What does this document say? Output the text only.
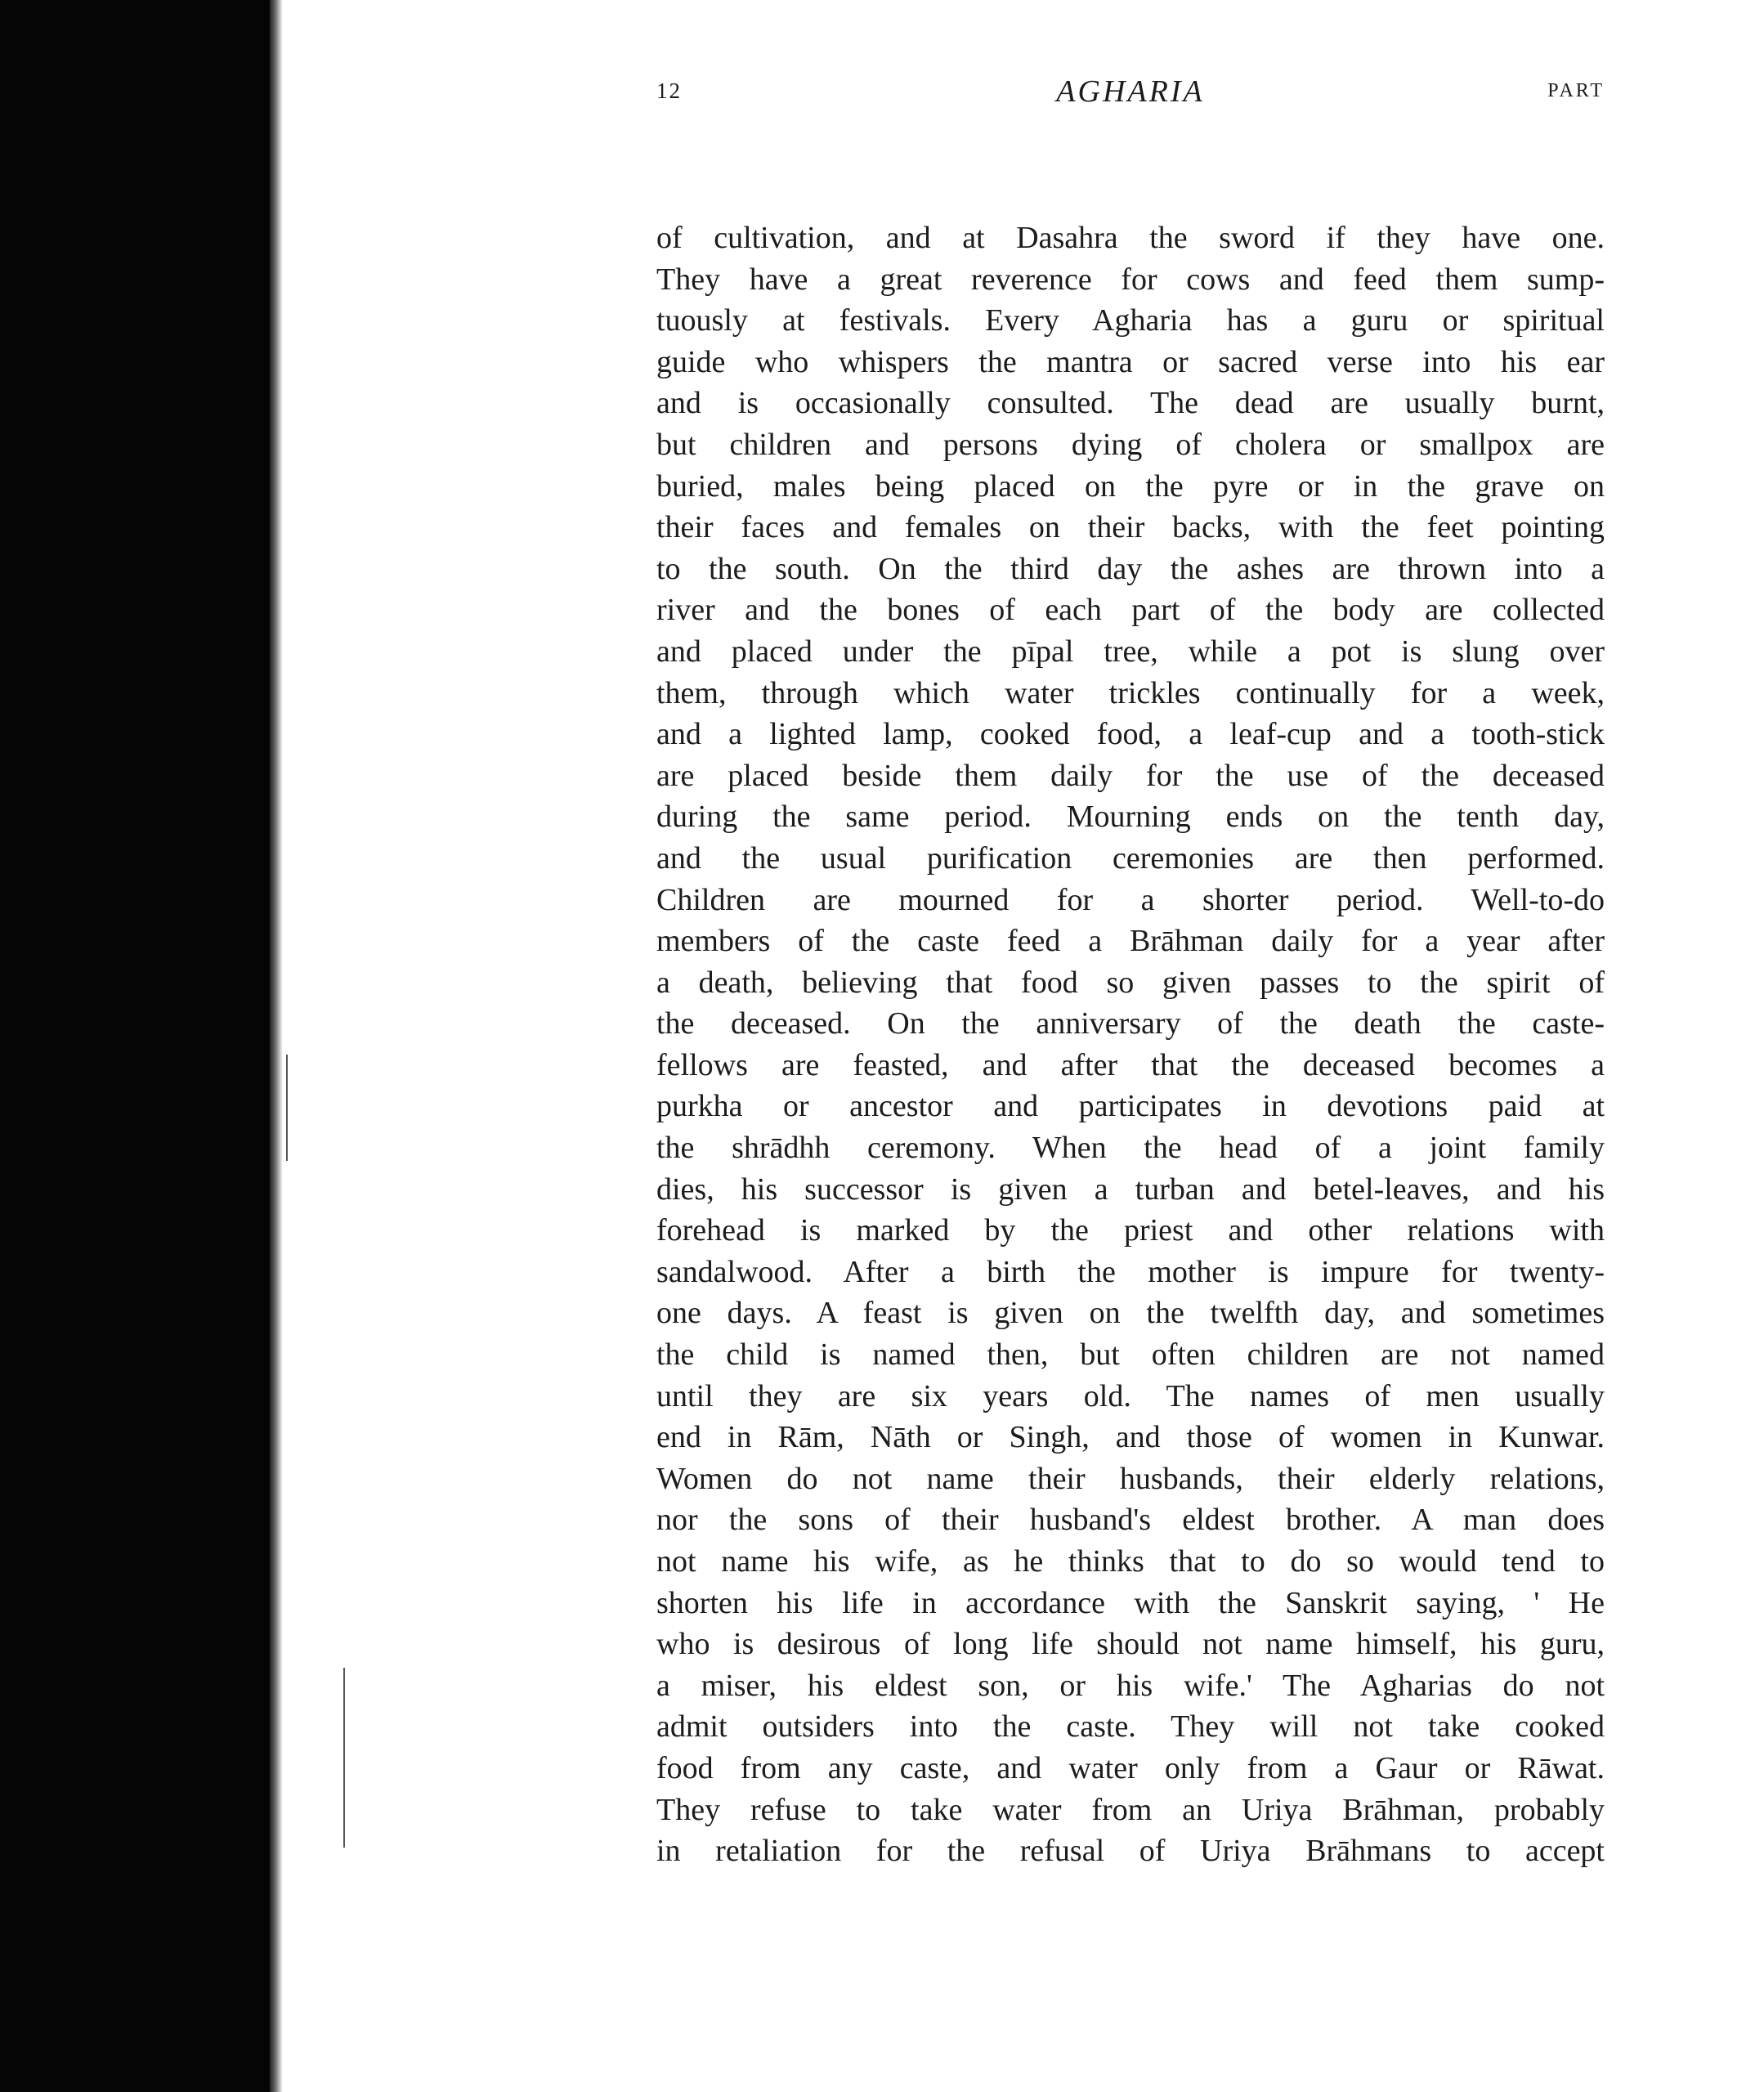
12	AGHARIA	PART
of cultivation, and at Dasahra the sword if they have one.
They have a great reverence for cows and feed them sump-
tuously at festivals. Every Agharia has a guru or spiritual
guide who whispers the mantra or sacred verse into his ear
and is occasionally consulted. The dead are usually burnt,
but children and persons dying of cholera or smallpox are
buried, males being placed on the pyre or in the grave on
their faces and females on their backs, with the feet pointing
to the south. On the third day the ashes are thrown into a
river and the bones of each part of the body are collected
and placed under the pīpal tree, while a pot is slung over
them, through which water trickles continually for a week,
and a lighted lamp, cooked food, a leaf-cup and a tooth-stick
are placed beside them daily for the use of the deceased
during the same period. Mourning ends on the tenth day,
and the usual purification ceremonies are then performed.
Children are mourned for a shorter period. Well-to-do
members of the caste feed a Brāhman daily for a year after
a death, believing that food so given passes to the spirit of
the deceased. On the anniversary of the death the caste-
fellows are feasted, and after that the deceased becomes a
purkha or ancestor and participates in devotions paid at
the shrādhh ceremony. When the head of a joint family
dies, his successor is given a turban and betel-leaves, and his
forehead is marked by the priest and other relations with
sandalwood. After a birth the mother is impure for twenty-
one days. A feast is given on the twelfth day, and sometimes
the child is named then, but often children are not named
until they are six years old. The names of men usually
end in Rām, Nāth or Singh, and those of women in Kunwar.
Women do not name their husbands, their elderly relations,
nor the sons of their husband's eldest brother. A man does
not name his wife, as he thinks that to do so would tend to
shorten his life in accordance with the Sanskrit saying, ' He
who is desirous of long life should not name himself, his guru,
a miser, his eldest son, or his wife.' The Agharias do not
admit outsiders into the caste. They will not take cooked
food from any caste, and water only from a Gaur or Rāwat.
They refuse to take water from an Uriya Brāhman, probably
in retaliation for the refusal of Uriya Brāhmans to accept
